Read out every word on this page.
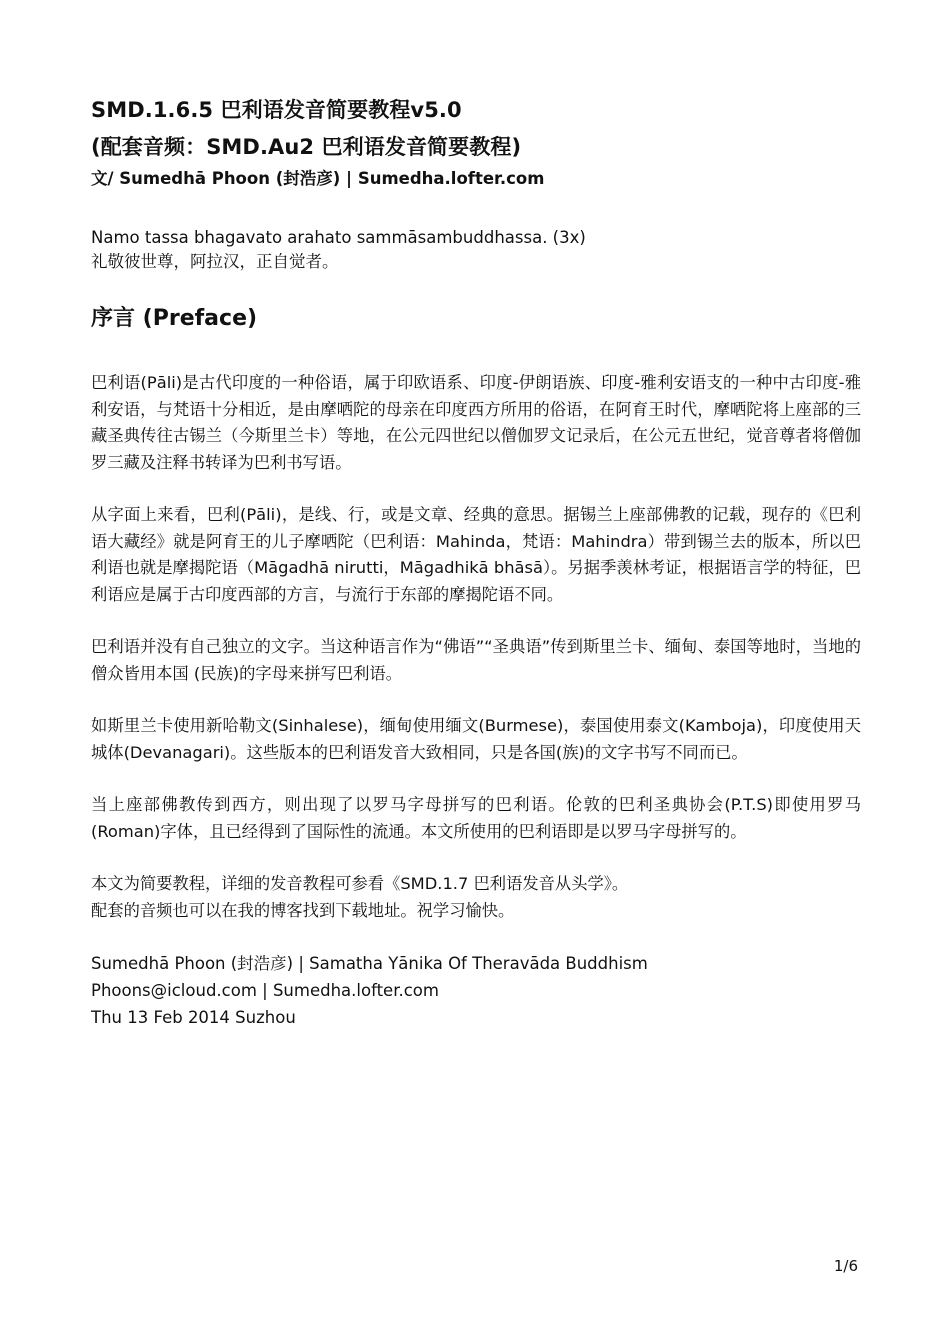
SMD.1.6.5 巴利语发音简要教程v5.0
(配套音频：SMD.Au2 巴利语发音简要教程)

文/ Sumedhā Phoon (封浩彦) | Sumedha.lofter.com

Namo tassa bhagavato arahato sammāsambuddhassa. (3x)
礼敬彼世尊，阿拉汉，正自觉者。
序言 (Preface)

巴利语(Pāli)是古代印度的一种俗语，属于印欧语系、印度-伊朗语族、印度-雅利安语支的一种中古印度-雅利安语，与梵语十分相近，是由摩哂陀的母亲在印度西方所用的俗语，在阿育王时代，摩哂陀将上座部的三藏圣典传往古锡兰（今斯里兰卡）等地，在公元四世纪以僧伽罗文记录后，在公元五世纪，觉音尊者将僧伽罗三藏及注释书转译为巴利书写语。

从字面上来看，巴利(Pāli)，是线、行，或是文章、经典的意思。据锡兰上座部佛教的记载，现存的《巴利语大藏经》就是阿育王的儿子摩哂陀（巴利语：Mahinda，梵语：Mahindra）带到锡兰去的版本，所以巴利语也就是摩揭陀语（Māgadhā nirutti，Māgadhikā bhāsā）。另据季羡林考证，根据语言学的特征，巴利语应是属于古印度西部的方言，与流行于东部的摩揭陀语不同。

巴利语并没有自己独立的文字。当这种语言作为“佛语”“圣典语”传到斯里兰卡、缅甸、泰国等地时，当地的僧众皆用本国 (民族)的字母来拼写巴利语。

如斯里兰卡使用新哈勒文(Sinhalese)，缅甸使用缅文(Burmese)，泰国使用泰文(Kamboja)，印度使用天城体(Devanagari)。这些版本的巴利语发音大致相同，只是各国(族)的文字书写不同而已。

当上座部佛教传到西方，则出现了以罗马字母拼写的巴利语。伦敦的巴利圣典协会(P.T.S)即使用罗马(Roman)字体，且已经得到了国际性的流通。本文所使用的巴利语即是以罗马字母拼写的。

本文为简要教程，详细的发音教程可参看《SMD.1.7 巴利语发音从头学》。
配套的音频也可以在我的博客找到下载地址。祝学习愉快。

Sumedhā Phoon (封浩彦) | Samatha Yānika Of Theravāda Buddhism
Phoons@icloud.com | Sumedha.lofter.com
Thu 13 Feb 2014 Suzhou
1/6
